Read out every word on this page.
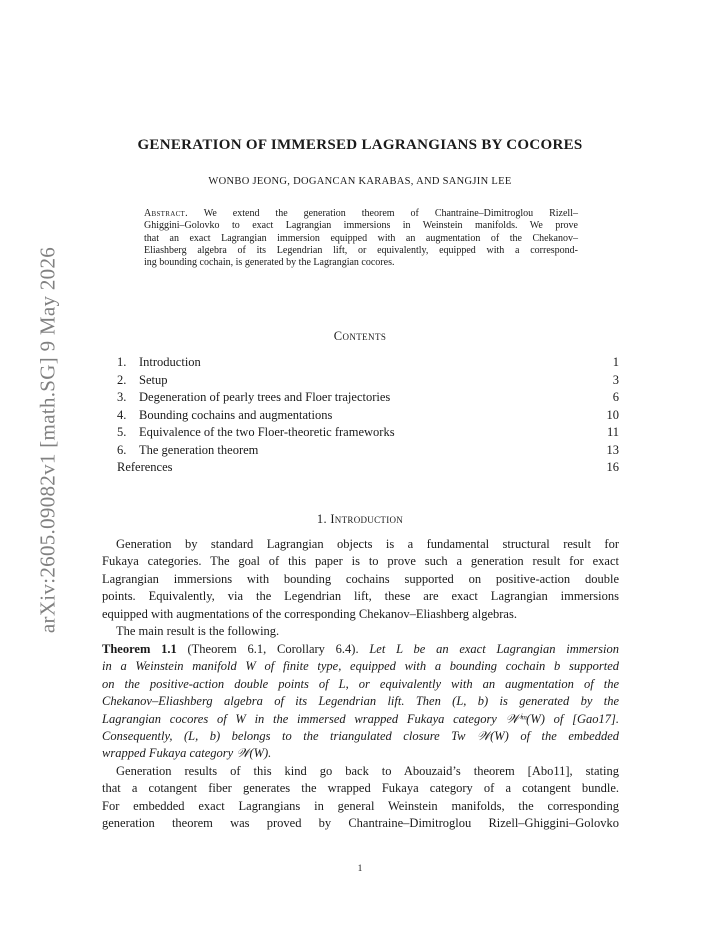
arXiv:2605.09082v1 [math.SG] 9 May 2026
GENERATION OF IMMERSED LAGRANGIANS BY COCORES
WONBO JEONG, DOGANCAN KARABAS, AND SANGJIN LEE
Abstract. We extend the generation theorem of Chantraine–Dimitroglou Rizell–
Ghiggini–Golovko to exact Lagrangian immersions in Weinstein manifolds. We prove
that an exact Lagrangian immersion equipped with an augmentation of the Chekanov–
Eliashberg algebra of its Legendrian lift, or equivalently, equipped with a correspond-
ing bounding cochain, is generated by the Lagrangian cocores.
Contents
1. Introduction	1
2. Setup	3
3. Degeneration of pearly trees and Floer trajectories	6
4. Bounding cochains and augmentations	10
5. Equivalence of the two Floer-theoretic frameworks	11
6. The generation theorem	13
References	16
1. Introduction
Generation by standard Lagrangian objects is a fundamental structural result for
Fukaya categories. The goal of this paper is to prove such a generation result for exact
Lagrangian immersions with bounding cochains supported on positive-action double
points. Equivalently, via the Legendrian lift, these are exact Lagrangian immersions
equipped with augmentations of the corresponding Chekanov–Eliashberg algebras.
The main result is the following.
Theorem 1.1 (Theorem 6.1, Corollary 6.4). Let L be an exact Lagrangian immersion
in a Weinstein manifold W of finite type, equipped with a bounding cochain b supported
on the positive-action double points of L, or equivalently with an augmentation of the
Chekanov–Eliashberg algebra of its Legendrian lift. Then (L, b) is generated by the
Lagrangian cocores of W in the immersed wrapped Fukaya category 𝒲ⁱᵐ(W) of [Gao17].
Consequently, (L, b) belongs to the triangulated closure Tw 𝒲(W) of the embedded
wrapped Fukaya category 𝒲(W).
Generation results of this kind go back to Abouzaid’s theorem [Abo11], stating
that a cotangent fiber generates the wrapped Fukaya category of a cotangent bundle.
For embedded exact Lagrangians in general Weinstein manifolds, the corresponding
generation theorem was proved by Chantraine–Dimitroglou Rizell–Ghiggini–Golovko
1
